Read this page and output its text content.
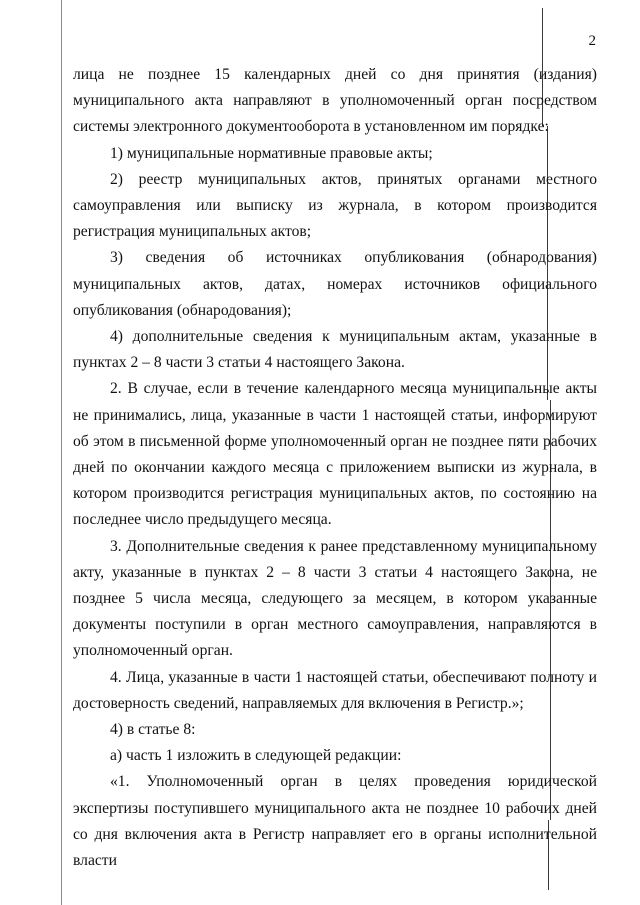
2

лица не позднее 15 календарных дней со дня принятия (издания) муниципального акта направляют в уполномоченный орган посредством системы электронного документооборота в установленном им порядке:

1) муниципальные нормативные правовые акты;

2) реестр муниципальных актов, принятых органами местного самоуправления или выписку из журнала, в котором производится регистрация муниципальных актов;

3) сведения об источниках опубликования (обнародования) муниципальных актов, датах, номерах источников официального опубликования (обнародования);

4) дополнительные сведения к муниципальным актам, указанные в пунктах 2 – 8 части 3 статьи 4 настоящего Закона.

2. В случае, если в течение календарного месяца муниципальные акты не принимались, лица, указанные в части 1 настоящей статьи, информируют об этом в письменной форме уполномоченный орган не позднее пяти рабочих дней по окончании каждого месяца с приложением выписки из журнала, в котором производится регистрация муниципальных актов, по состоянию на последнее число предыдущего месяца.

3. Дополнительные сведения к ранее представленному муниципальному акту, указанные в пунктах 2 – 8 части 3 статьи 4 настоящего Закона, не позднее 5 числа месяца, следующего за месяцем, в котором указанные документы поступили в орган местного самоуправления, направляются в уполномоченный орган.

4. Лица, указанные в части 1 настоящей статьи, обеспечивают полноту и достоверность сведений, направляемых для включения в Регистр.»;

4) в статье 8:

а) часть 1 изложить в следующей редакции:

«1. Уполномоченный орган в целях проведения юридической экспертизы поступившего муниципального акта не позднее 10 рабочих дней со дня включения акта в Регистр направляет его в органы исполнительной власти
